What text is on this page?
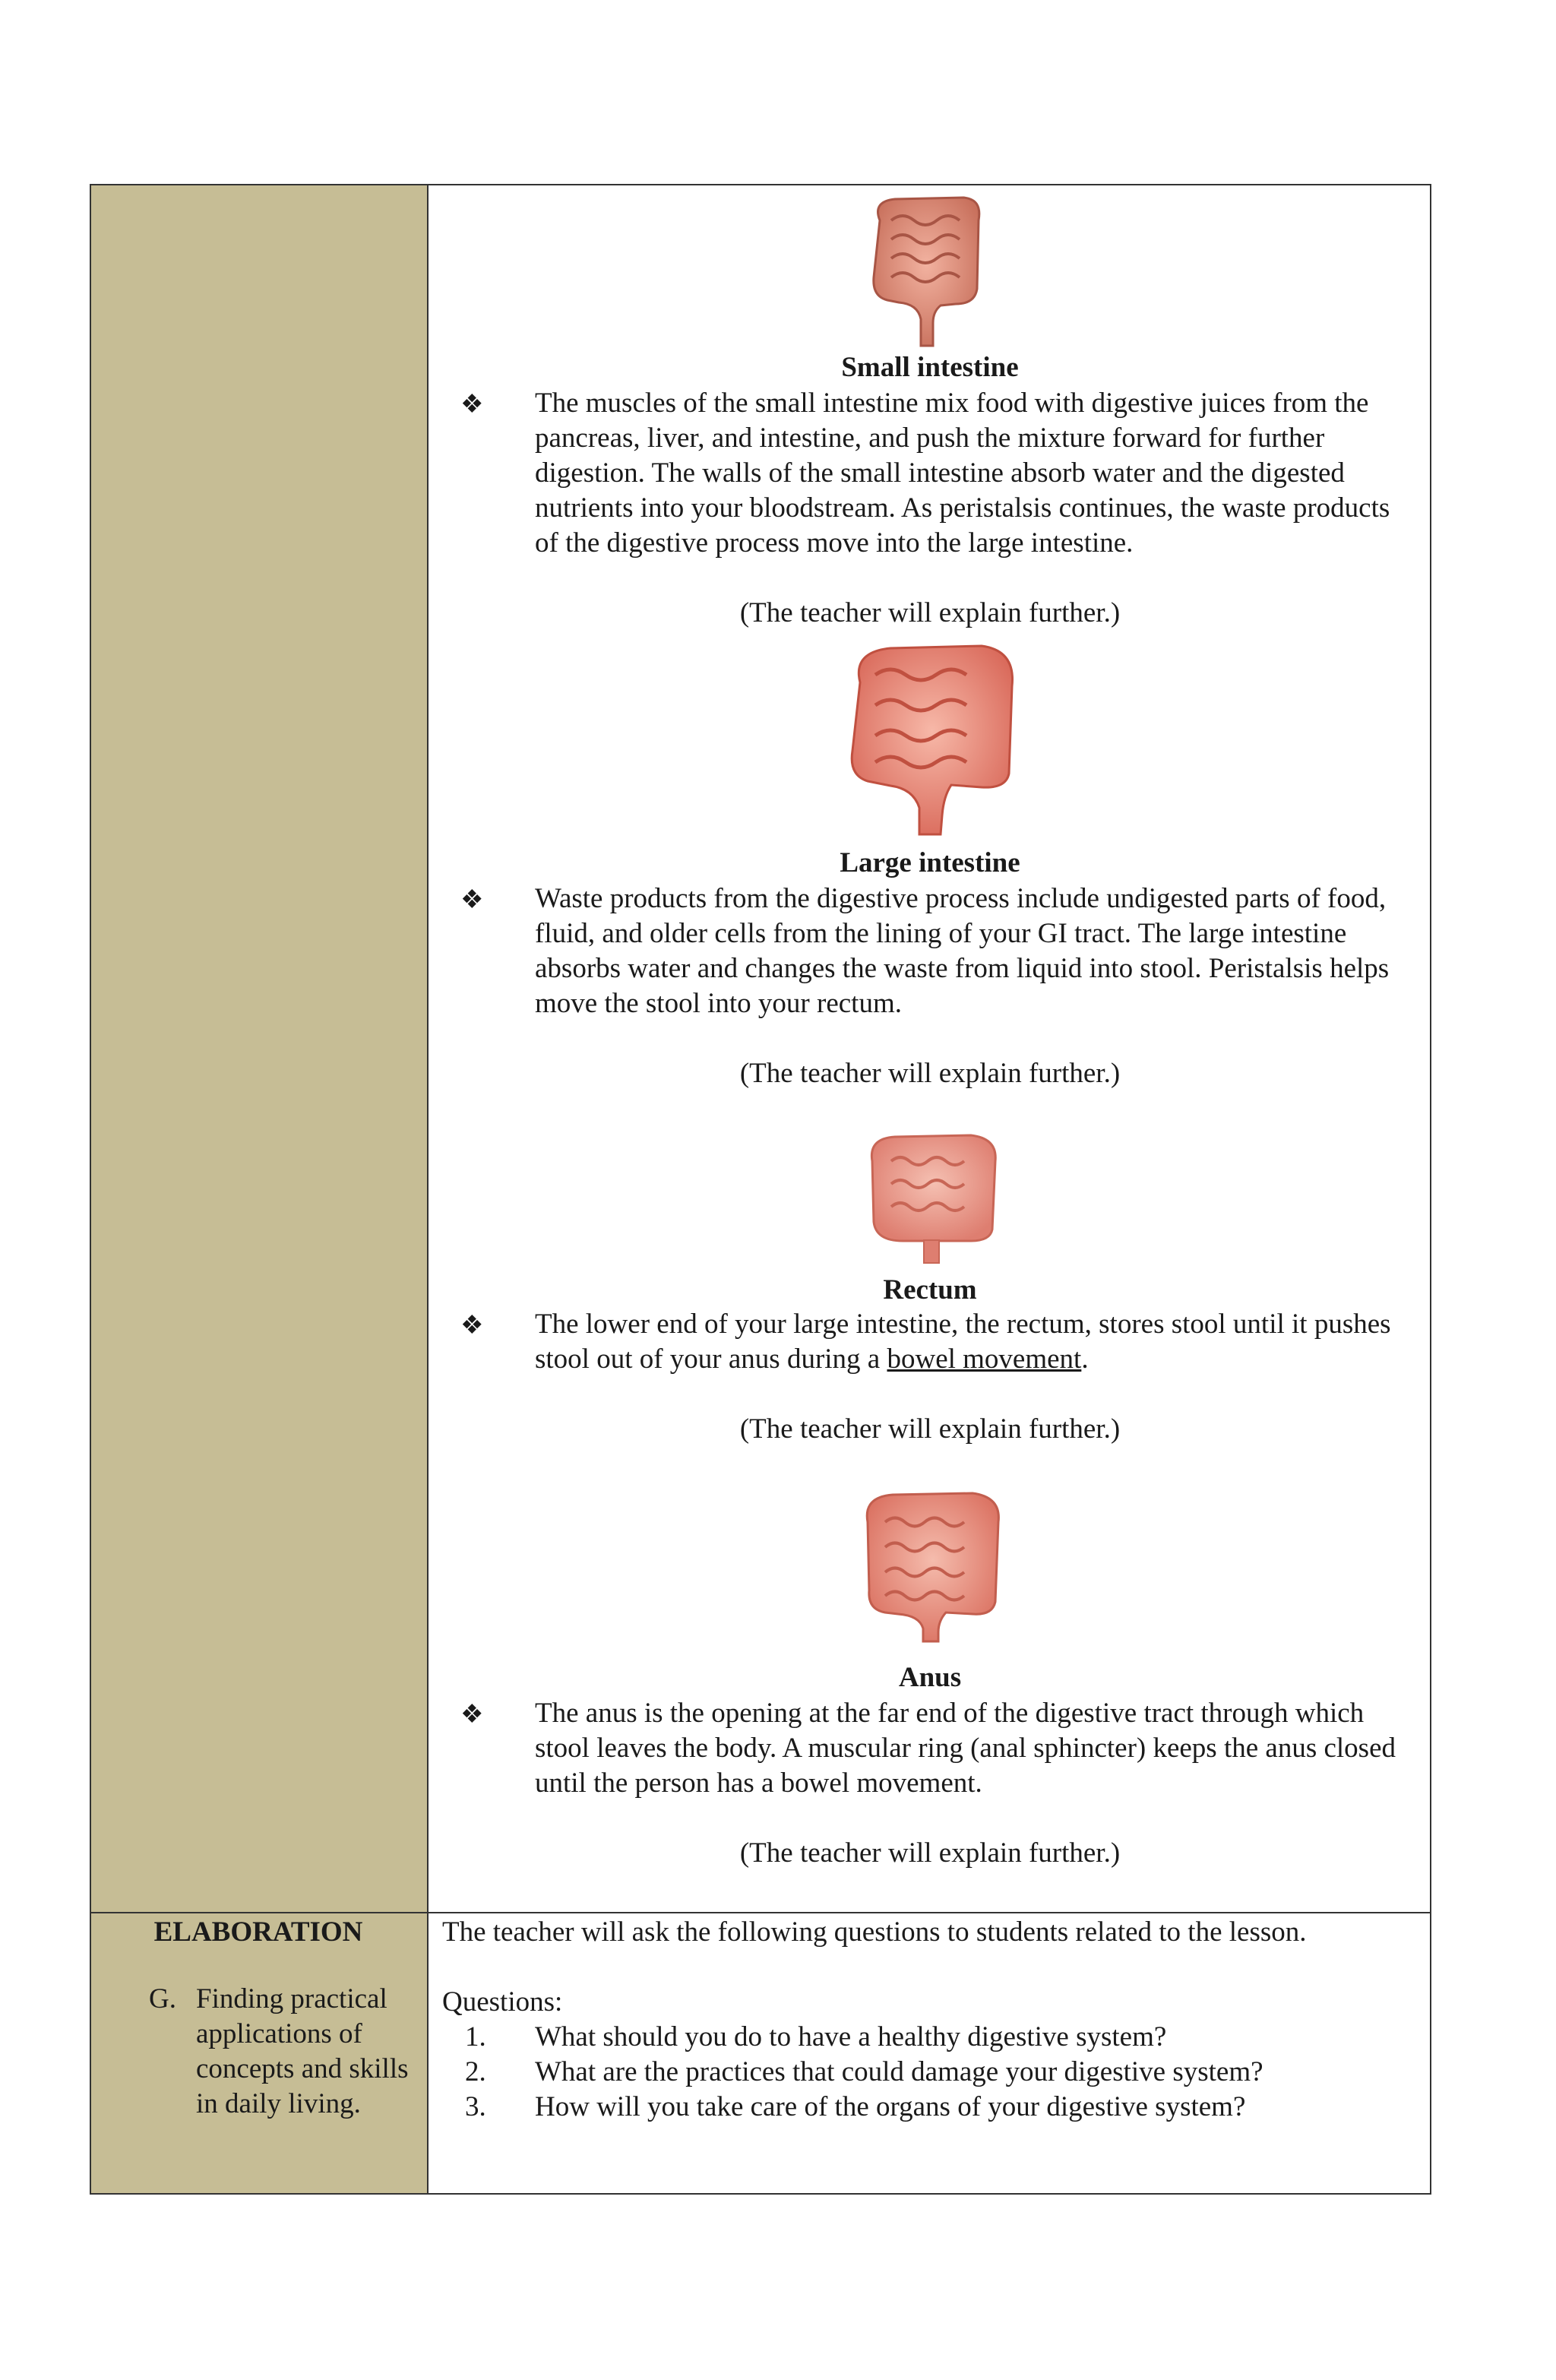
Small intestine
❖ The muscles of the small intestine mix food with digestive juices from the pancreas, liver, and intestine, and push the mixture forward for further digestion. The walls of the small intestine absorb water and the digested nutrients into your bloodstream. As peristalsis continues, the waste products of the digestive process move into the large intestine.
(The teacher will explain further.)
Large intestine
❖ Waste products from the digestive process include undigested parts of food, fluid, and older cells from the lining of your GI tract. The large intestine absorbs water and changes the waste from liquid into stool. Peristalsis helps move the stool into your rectum.
(The teacher will explain further.)
Rectum
❖ The lower end of your large intestine, the rectum, stores stool until it pushes stool out of your anus during a bowel movement.
(The teacher will explain further.)
Anus
❖ The anus is the opening at the far end of the digestive tract through which stool leaves the body. A muscular ring (anal sphincter) keeps the anus closed until the person has a bowel movement.
(The teacher will explain further.)
ELABORATION
G. Finding practical applications of concepts and skills in daily living.
The teacher will ask the following questions to students related to the lesson.
Questions:
1.	What should you do to have a healthy digestive system?
2.	What are the practices that could damage your digestive system?
3.	How will you take care of the organs of your digestive system?
